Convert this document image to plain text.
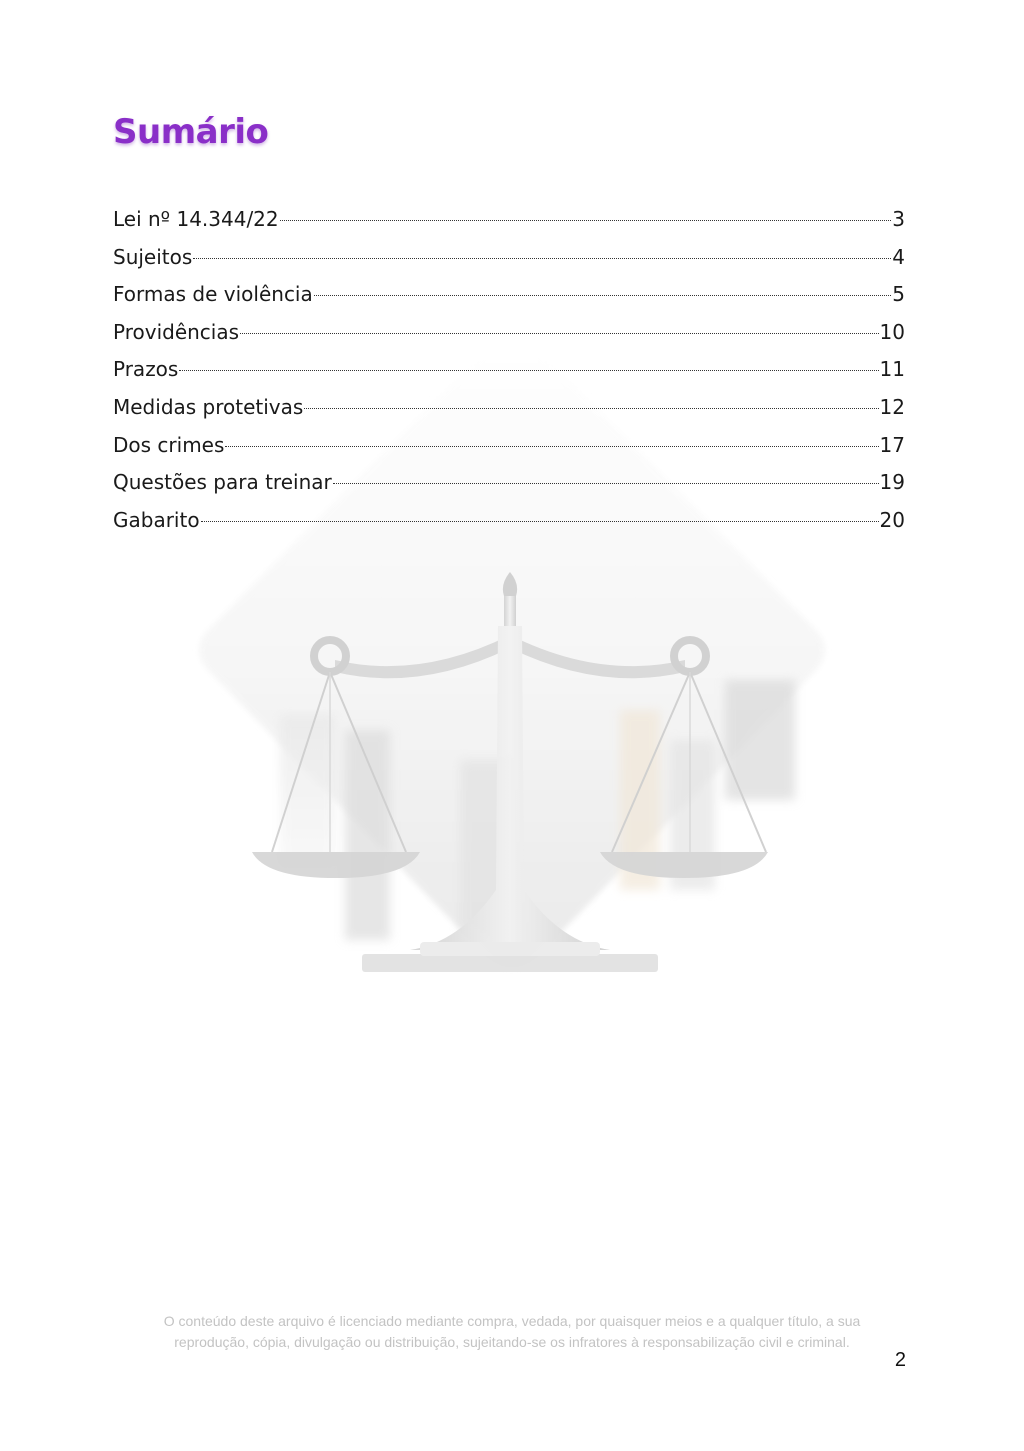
Sumário
Lei nº 14.344/22	3
Sujeitos	4
Formas de violência	5
Providências	10
Prazos	11
Medidas protetivas	12
Dos crimes	17
Questões para treinar	19
Gabarito	20

O conteúdo deste arquivo é licenciado mediante compra, vedada, por quaisquer meios e a qualquer título, a sua
reprodução, cópia, divulgação ou distribuição, sujeitando-se os infratores à responsabilização civil e criminal.

2
